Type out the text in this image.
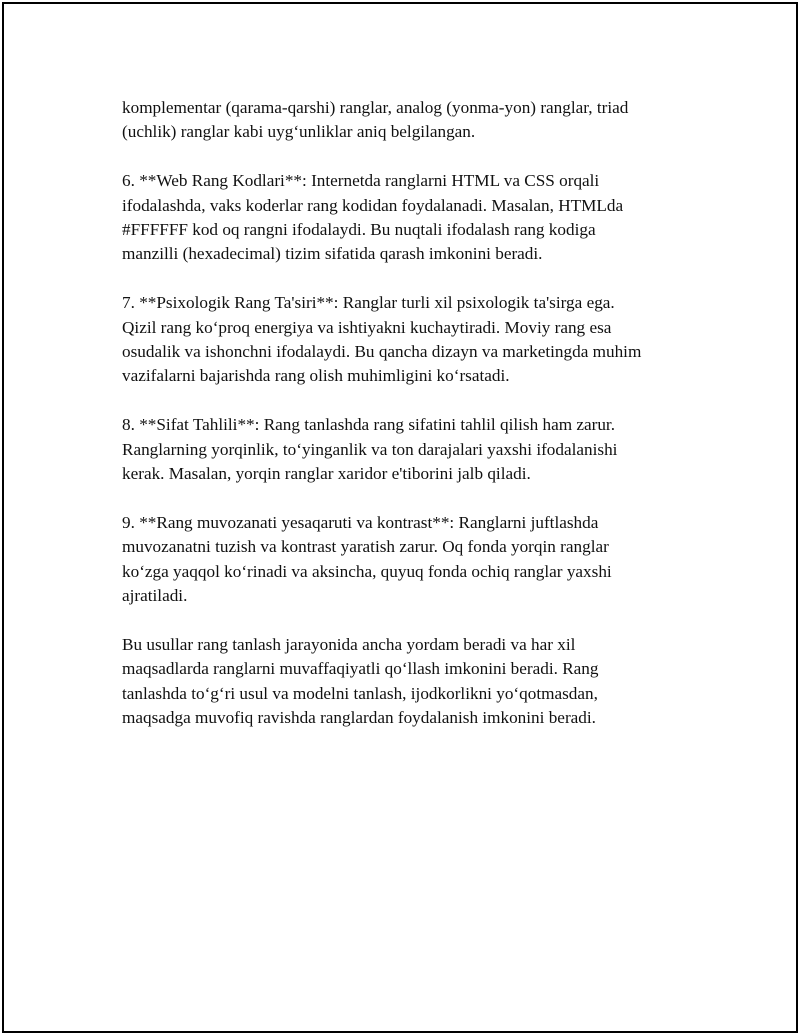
komplementar (qarama-qarshi) ranglar, analog (yonma-yon) ranglar, triad
(uchlik) ranglar kabi uyg‘unliklar aniq belgilangan.

6. **Web Rang Kodlari**: Internetda ranglarni HTML va CSS orqali
ifodalashda, vaks koderlar rang kodidan foydalanadi. Masalan, HTMLda
#FFFFFF kod oq rangni ifodalaydi. Bu nuqtali ifodalash rang kodiga
manzilli (hexadecimal) tizim sifatida qarash imkonini beradi.

7. **Psixologik Rang Ta'siri**: Ranglar turli xil psixologik ta'sirga ega.
Qizil rang ko‘proq energiya va ishtiyakni kuchaytiradi. Moviy rang esa
osudalik va ishonchni ifodalaydi. Bu qancha dizayn va marketingda muhim
vazifalarni bajarishda rang olish muhimligini ko‘rsatadi.

8. **Sifat Tahlili**: Rang tanlashda rang sifatini tahlil qilish ham zarur.
Ranglarning yorqinlik, to‘yinganlik va ton darajalari yaxshi ifodalanishi
kerak. Masalan, yorqin ranglar xaridor e'tiborini jalb qiladi.

9. **Rang muvozanati yesaqaruti va kontrast**: Ranglarni juftlashda
muvozanatni tuzish va kontrast yaratish zarur. Oq fonda yorqin ranglar
ko‘zga yaqqol ko‘rinadi va aksincha, quyuq fonda ochiq ranglar yaxshi
ajratiladi.

Bu usullar rang tanlash jarayonida ancha yordam beradi va har xil
maqsadlarda ranglarni muvaffaqiyatli qo‘llash imkonini beradi. Rang
tanlashda to‘g‘ri usul va modelni tanlash, ijodkorlikni yo‘qotmasdan,
maqsadga muvofiq ravishda ranglardan foydalanish imkonini beradi.
